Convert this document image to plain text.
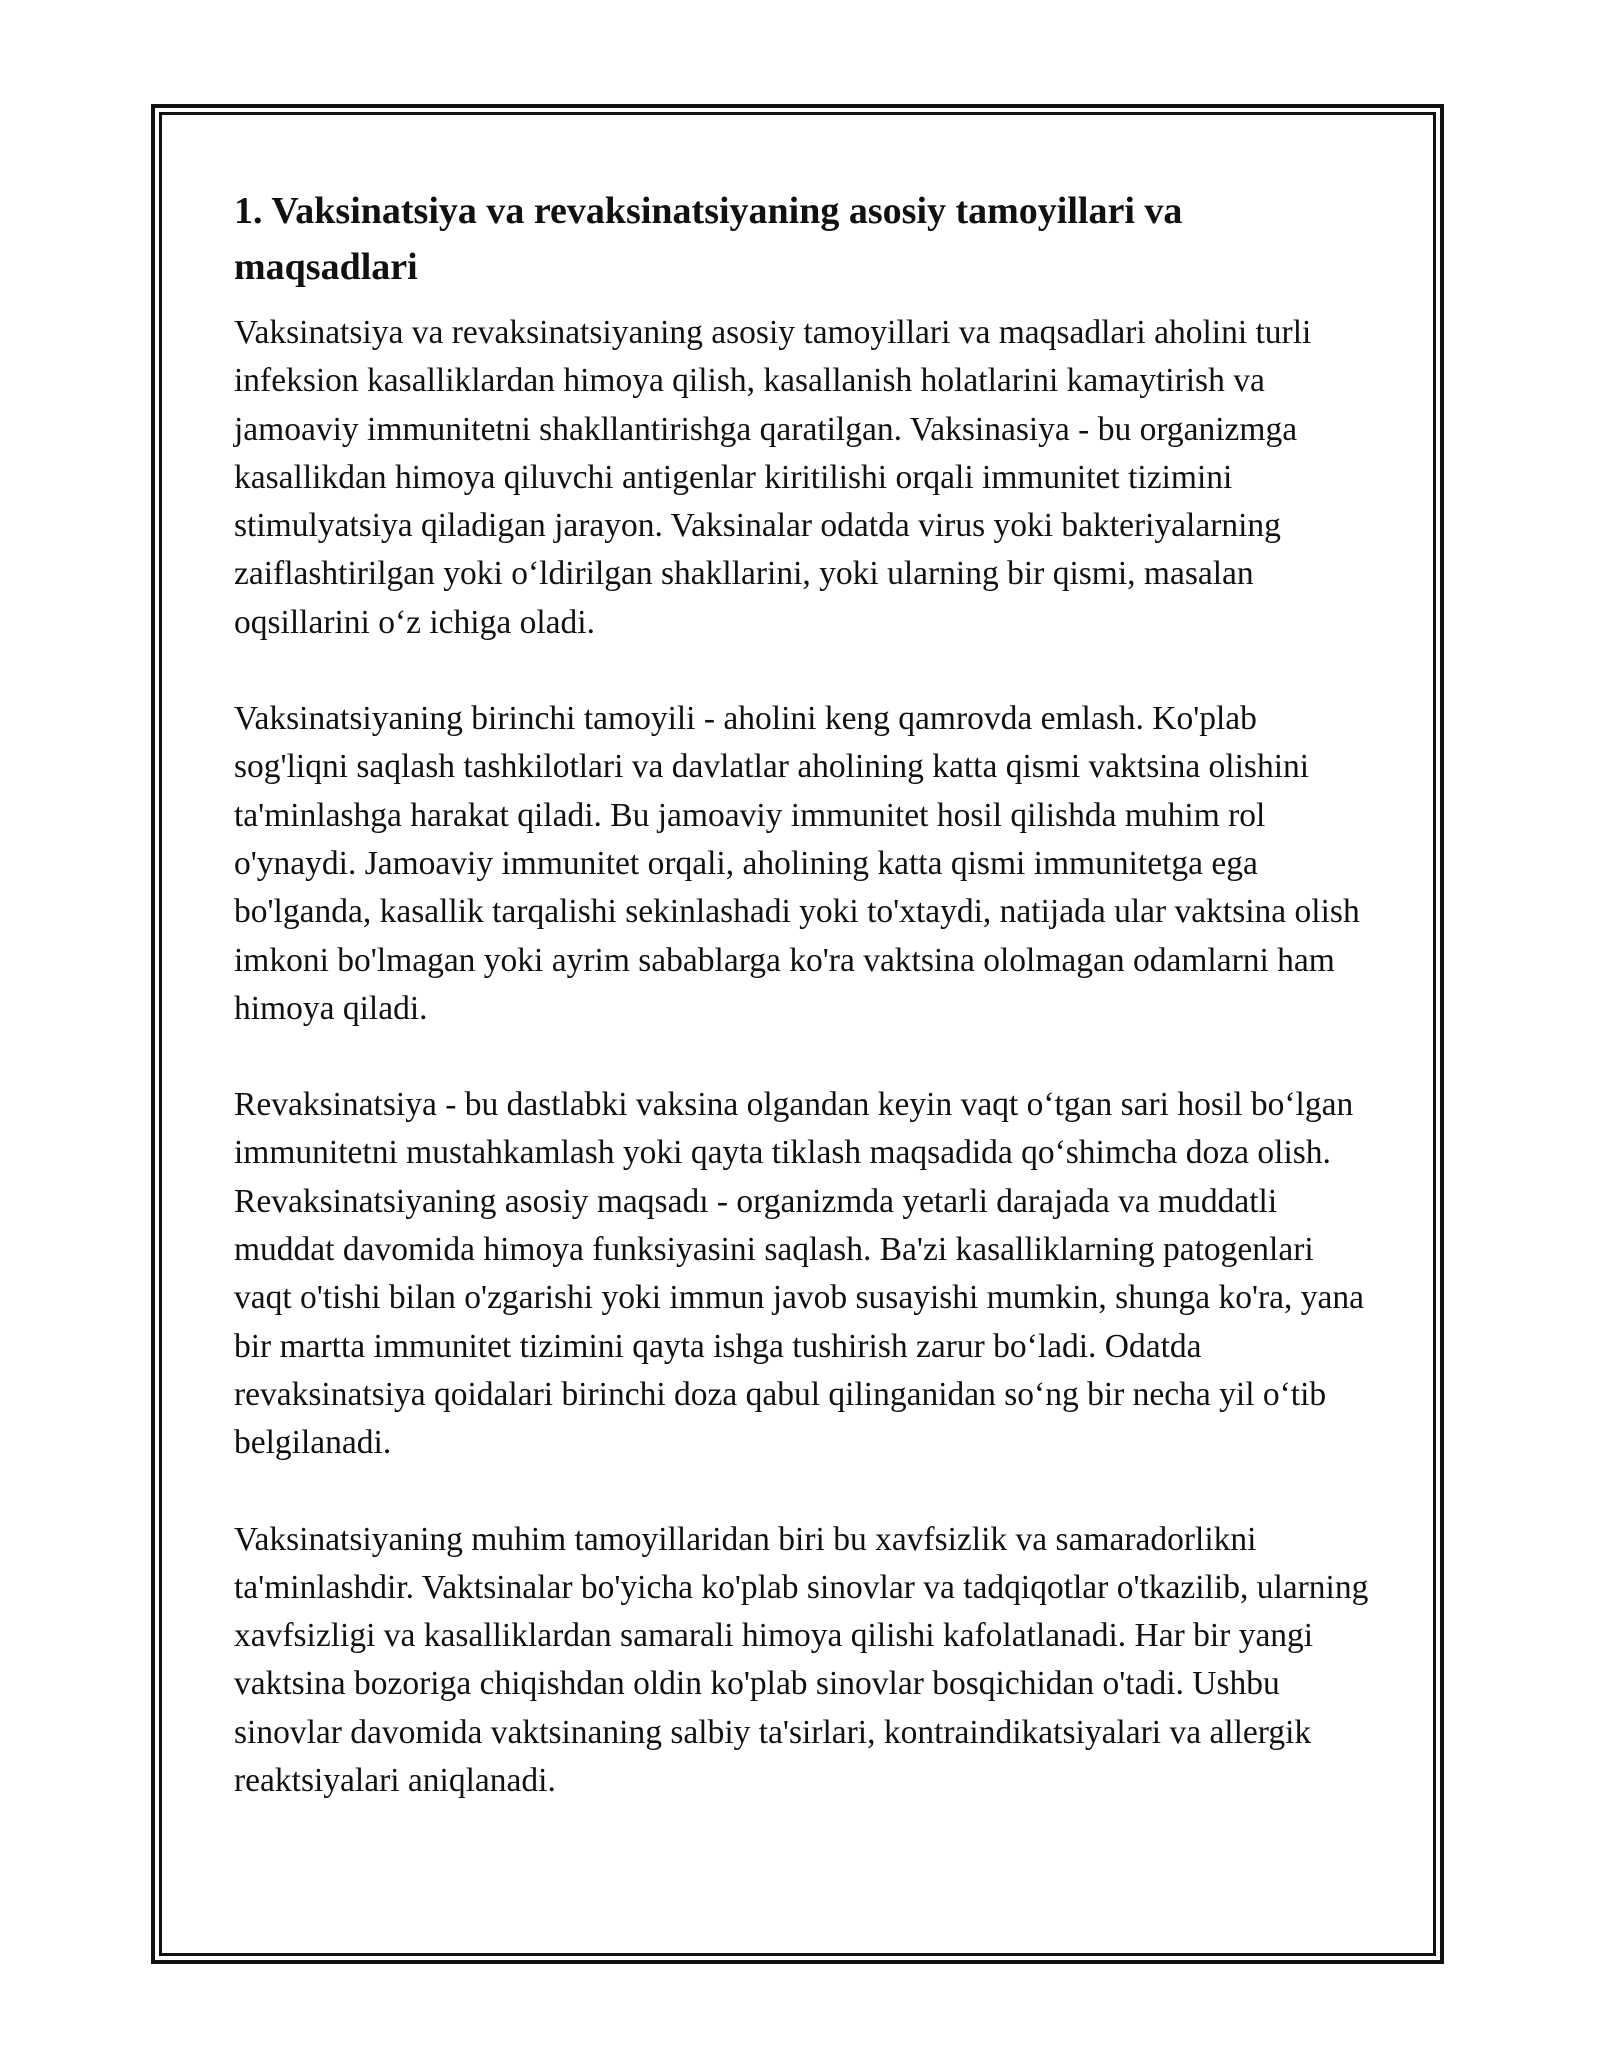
1. Vaksinatsiya va revaksinatsiyaning asosiy tamoyillari va maqsadlari

Vaksinatsiya va revaksinatsiyaning asosiy tamoyillari va maqsadlari aholini turli infeksion kasalliklardan himoya qilish, kasallanish holatlarini kamaytirish va jamoaviy immunitetni shakllantirishga qaratilgan. Vaksinasiya - bu organizmga kasallikdan himoya qiluvchi antigenlar kiritilishi orqali immunitet tizimini stimulyatsiya qiladigan jarayon. Vaksinalar odatda virus yoki bakteriyalarning zaiflashtirilgan yoki o‘ldirilgan shakllarini, yoki ularning bir qismi, masalan oqsillarini o‘z ichiga oladi.

Vaksinatsiyaning birinchi tamoyili - aholini keng qamrovda emlash. Ko'plab sog'liqni saqlash tashkilotlari va davlatlar aholining katta qismi vaktsina olishini ta'minlashga harakat qiladi. Bu jamoaviy immunitet hosil qilishda muhim rol o'ynaydi. Jamoaviy immunitet orqali, aholining katta qismi immunitetga ega bo'lganda, kasallik tarqalishi sekinlashadi yoki to'xtaydi, natijada ular vaktsina olish imkoni bo'lmagan yoki ayrim sabablarga ko'ra vaktsina ololmagan odamlarni ham himoya qiladi.

Revaksinatsiya - bu dastlabki vaksina olgandan keyin vaqt o‘tgan sari hosil bo‘lgan immunitetni mustahkamlash yoki qayta tiklash maqsadida qo‘shimcha doza olish. Revaksinatsiyaning asosiy maqsadı - organizmda yetarli darajada va muddatli muddat davomida himoya funksiyasini saqlash. Ba'zi kasalliklarning patogenlari vaqt o'tishi bilan o'zgarishi yoki immun javob susayishi mumkin, shunga ko'ra, yana bir martta immunitet tizimini qayta ishga tushirish zarur bo‘ladi. Odatda revaksinatsiya qoidalari birinchi doza qabul qilinganidan so‘ng bir necha yil o‘tib belgilanadi.

Vaksinatsiyaning muhim tamoyillaridan biri bu xavfsizlik va samaradorlikni ta'minlashdir. Vaktsinalar bo'yicha ko'plab sinovlar va tadqiqotlar o'tkazilib, ularning xavfsizligi va kasalliklardan samarali himoya qilishi kafolatlanadi. Har bir yangi vaktsina bozoriga chiqishdan oldin ko'plab sinovlar bosqichidan o'tadi. Ushbu sinovlar davomida vaktsinaning salbiy ta'sirlari, kontraindikatsiyalari va allergik reaktsiyalari aniqlanadi.
